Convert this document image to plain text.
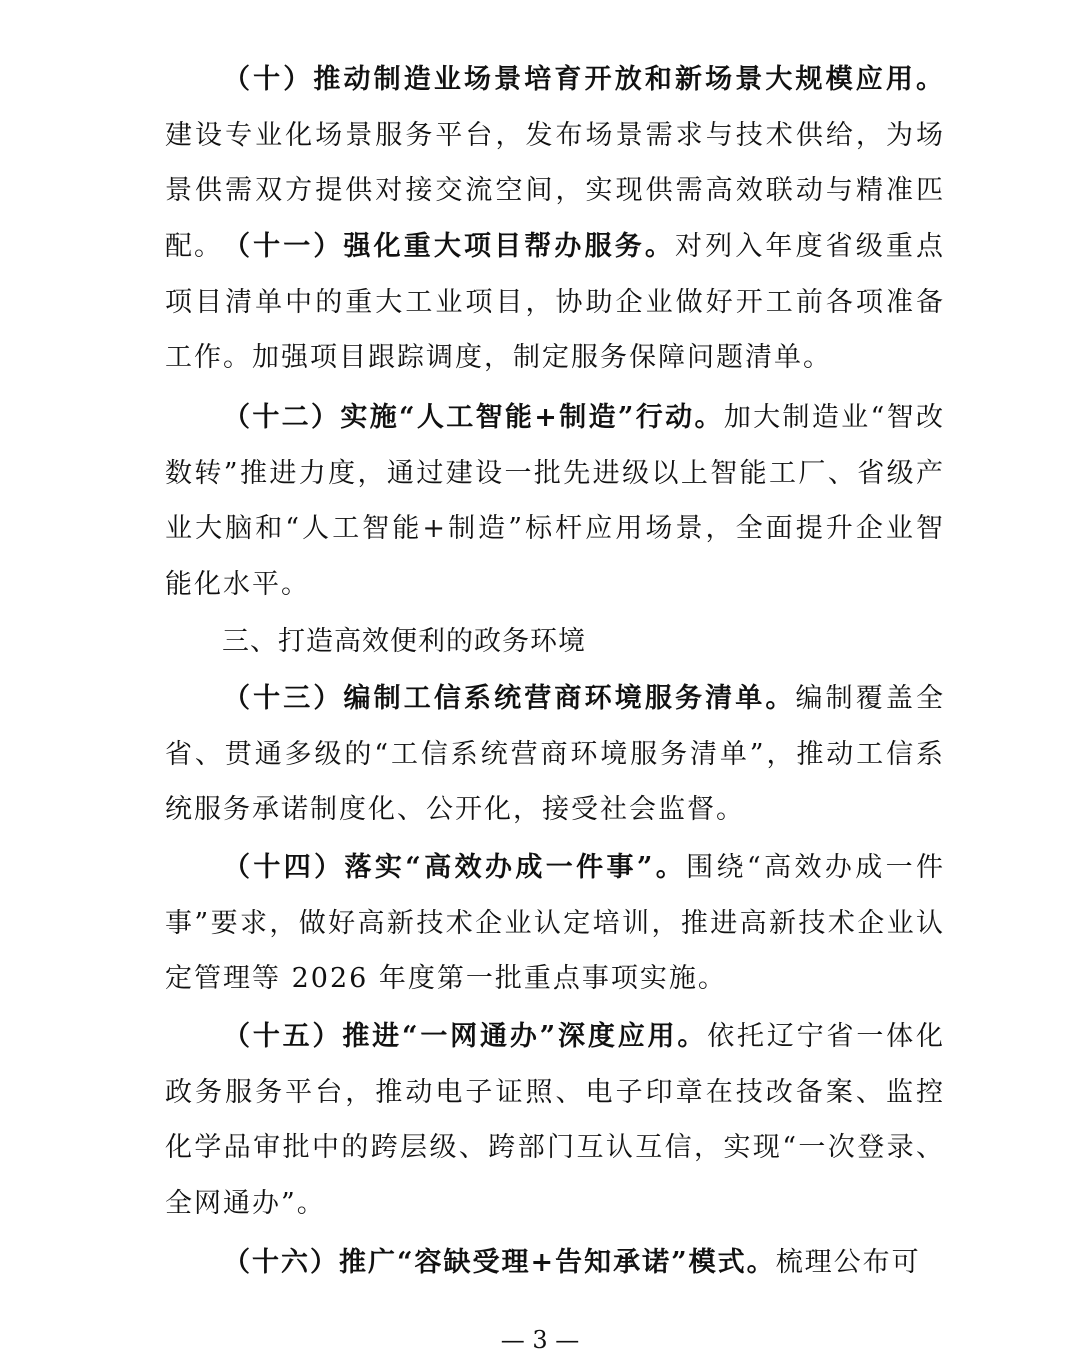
（十）推动制造业场景培育开放和新场景大规模应用。建设专业化场景服务平台，发布场景需求与技术供给，为场景供需双方提供对接交流空间，实现供需高效联动与精准匹配。 （十一）强化重大项目帮办服务。对列入年度省级重点项目清单中的重大工业项目，协助企业做好开工前各项准备工作。加强项目跟踪调度，制定服务保障问题清单。

（十二）实施“人工智能+制造”行动。加大制造业“智改数转”推进力度，通过建设一批先进级以上智能工厂、省级产业大脑和“人工智能+制造”标杆应用场景，全面提升企业智能化水平。

三、打造高效便利的政务环境

（十三）编制工信系统营商环境服务清单。编制覆盖全省、贯通多级的“工信系统营商环境服务清单”，推动工信系统服务承诺制度化、公开化，接受社会监督。

（十四）落实“高效办成一件事”。围绕“高效办成一件事”要求，做好高新技术企业认定培训，推进高新技术企业认定管理等 2026 年度第一批重点事项实施。

（十五）推进“一网通办”深度应用。依托辽宁省一体化政务服务平台，推动电子证照、电子印章在技改备案、监控化学品审批中的跨层级、跨部门互认互信，实现“一次登录、全网通办”。

（十六）推广“容缺受理+告知承诺”模式。梳理公布可

— 3 —
